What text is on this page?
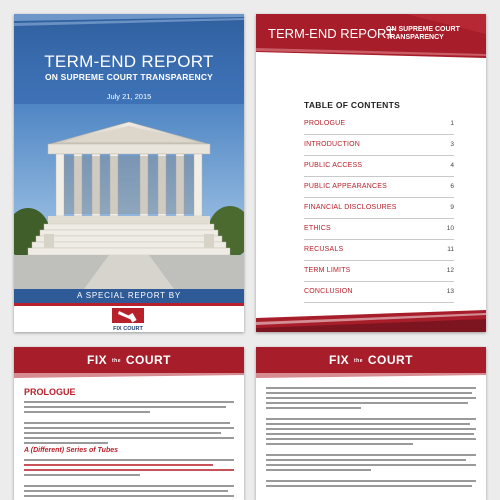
TERM-END REPORT
ON SUPREME COURT TRANSPARENCY
July 21, 2015
A SPECIAL REPORT BY
FIX COURT
TERM-END REPORT
ON SUPREME COURT TRANSPARENCY
TABLE OF CONTENTS
PROLOGUE	1
INTRODUCTION	3
PUBLIC ACCESS	4
PUBLIC APPEARANCES	6
FINANCIAL DISCLOSURES	9
ETHICS	10
RECUSALS	11
TERM LIMITS	12
CONCLUSION	13
FIX the COURT
PROLOGUE
A (Different) Series of Tubes
FIX the COURT
